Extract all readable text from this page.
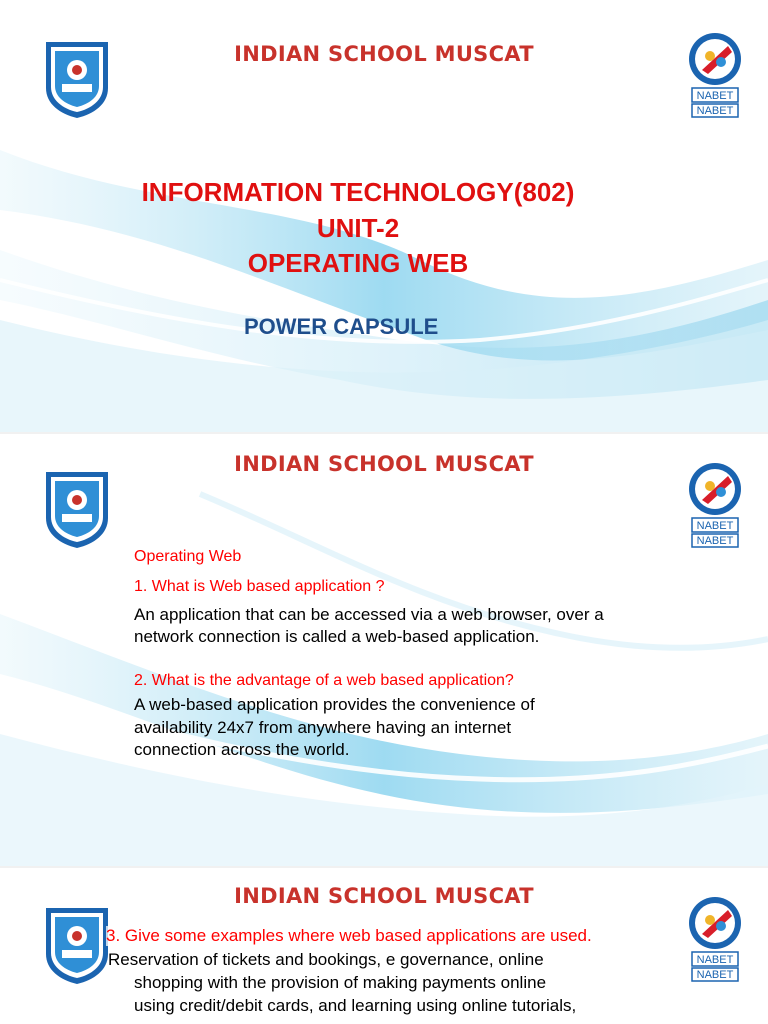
INDIAN SCHOOL MUSCAT
NABET
NABET
INFORMATION TECHNOLOGY(802)
UNIT-2
OPERATING WEB
POWER CAPSULE
INDIAN SCHOOL MUSCAT
NABET
NABET
Operating Web
1. What is Web based application ?
An application that can be accessed via a web browser, over a
network connection is called a web-based application.
2. What is the advantage of a web based application?
A web-based application provides the convenience of
availability 24x7 from anywhere having an internet
connection across the world.
INDIAN SCHOOL MUSCAT
NABET
NABET
3. Give some examples where web based applications are used.
Reservation of tickets and bookings, e governance, online
shopping with the provision of making payments online
using credit/debit cards, and learning using online tutorials,
